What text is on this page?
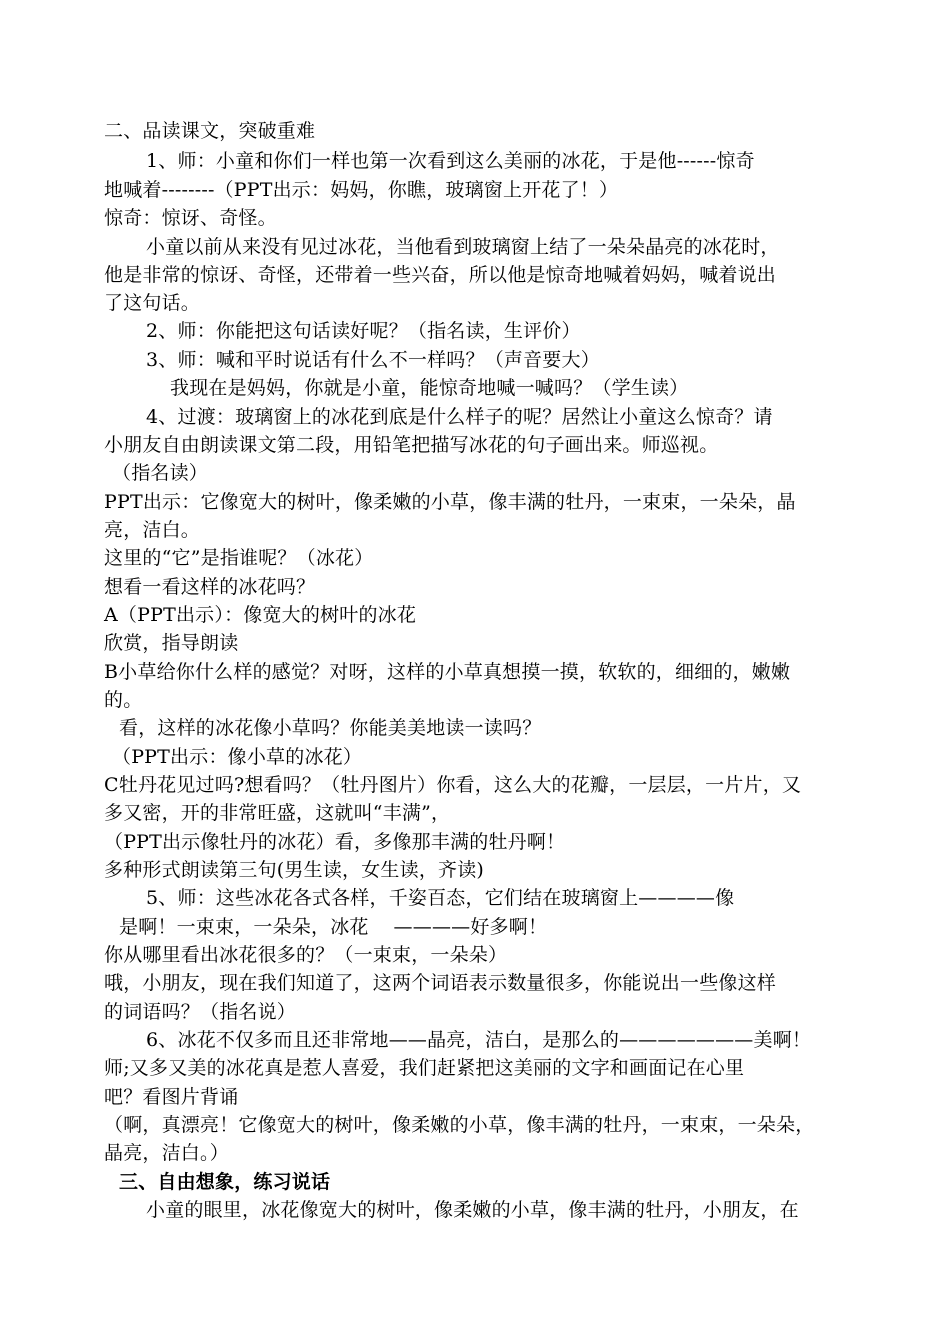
二、品读课文，突破重难
1、师：小童和你们一样也第一次看到这么美丽的冰花，于是他------惊奇
地喊着--------（PPT出示：妈妈，你瞧，玻璃窗上开花了！）
惊奇：惊讶、奇怪。
小童以前从来没有见过冰花，当他看到玻璃窗上结了一朵朵晶亮的冰花时，
他是非常的惊讶、奇怪，还带着一些兴奋，所以他是惊奇地喊着妈妈，喊着说出
了这句话。
2、师：你能把这句话读好呢？（指名读，生评价）
3、师：喊和平时说话有什么不一样吗？（声音要大）
我现在是妈妈，你就是小童，能惊奇地喊一喊吗？（学生读）
4、过渡：玻璃窗上的冰花到底是什么样子的呢？居然让小童这么惊奇？请
小朋友自由朗读课文第二段，用铅笔把描写冰花的句子画出来。师巡视。
（指名读）
PPT出示：它像宽大的树叶，像柔嫩的小草，像丰满的牡丹，一束束，一朵朵，晶
亮，洁白。
这里的“它”是指谁呢？（冰花）
想看一看这样的冰花吗？
A（PPT出示）：像宽大的树叶的冰花
欣赏，指导朗读
B小草给你什么样的感觉？对呀，这样的小草真想摸一摸，软软的，细细的，嫩嫩
的。
看，这样的冰花像小草吗？你能美美地读一读吗？
（PPT出示：像小草的冰花）
C牡丹花见过吗?想看吗？（牡丹图片）你看，这么大的花瓣，一层层，一片片，又
多又密，开的非常旺盛，这就叫“丰满”，
（PPT出示像牡丹的冰花）看，多像那丰满的牡丹啊！
多种形式朗读第三句(男生读，女生读，齐读)
5、师：这些冰花各式各样，千姿百态，它们结在玻璃窗上————像
是啊！一束束，一朵朵，冰花    ————好多啊！
你从哪里看出冰花很多的？（一束束，一朵朵）
哦，小朋友，现在我们知道了，这两个词语表示数量很多，你能说出一些像这样
的词语吗？（指名说）
6、冰花不仅多而且还非常地——晶亮，洁白，是那么的———————美啊！
师;又多又美的冰花真是惹人喜爱，我们赶紧把这美丽的文字和画面记在心里
吧？看图片背诵
（啊，真漂亮！它像宽大的树叶，像柔嫩的小草，像丰满的牡丹，一束束，一朵朵，
晶亮，洁白。）
三、自由想象，练习说话
小童的眼里，冰花像宽大的树叶，像柔嫩的小草，像丰满的牡丹，小朋友，在
